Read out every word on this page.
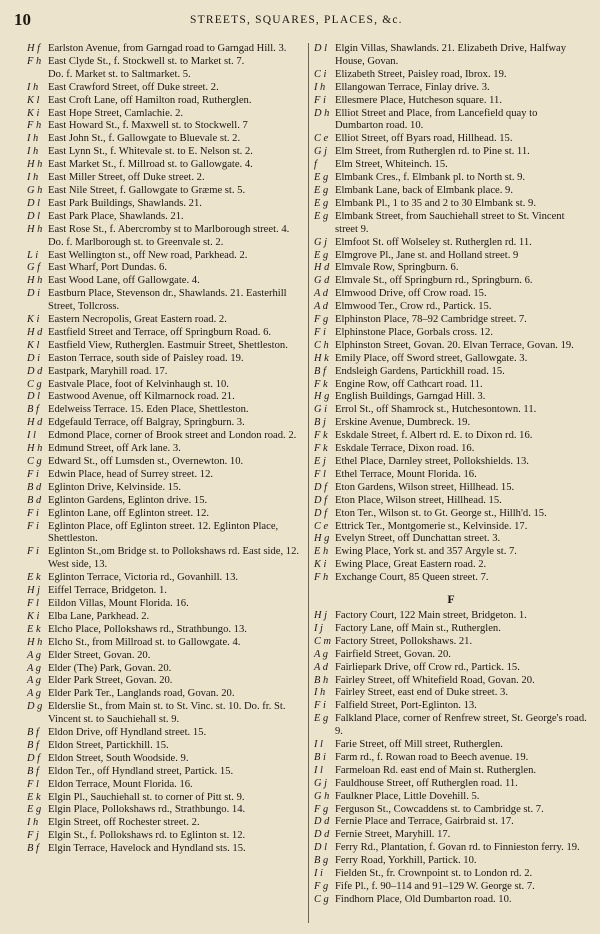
10	STREETS, SQUARES, PLACES, &c.
H f Earlston Avenue, from Garngad road to Garngad Hill. 3.
F h East Clyde St., f. Stockwell st. to Market st. 7.
Do. f. Market st. to Saltmarket. 5.
I h East Crawford Street, off Duke street. 2.
K l East Croft Lane, off Hamilton road, Rutherglen.
K i East Hope Street, Camlachie. 2.
F h East Howard St., f. Maxwell st. to Stockwell. 7
I h East John St., f. Gallowgate to Bluevale st. 2.
I h East Lynn St., f. Whitevale st. to E. Nelson st. 2.
H h East Market St., f. Millroad st. to Gallowgate. 4.
I h East Miller Street, off Duke street. 2.
G h East Nile Street, f. Gallowgate to Græme st. 5.
D l East Park Buildings, Shawlands. 21.
D l East Park Place, Shawlands. 21.
H h East Rose St., f. Abercromby st to Marlborough street. 4.
Do. f. Marlborough st. to Greenvale st. 2.
L i East Wellington st., off New road, Parkhead. 2.
G f East Wharf, Port Dundas. 6.
H h East Wood Lane, off Gallowgate. 4.
D i Eastburn Place, Stevenson dr., Shawlands. 21. Easterhill Street, Tollcross.
K i Eastern Necropolis, Great Eastern road. 2.
H d Eastfield Street and Terrace, off Springburn Road. 6.
K l Eastfield View, Rutherglen. Eastmuir Street, Shettleston.
D i Easton Terrace, south side of Paisley road. 19.
D d Eastpark, Maryhill road. 17.
C g Eastvale Place, foot of Kelvinhaugh st. 10.
D l Eastwood Avenue, off Kilmarnock road. 21.
B f Edelweiss Terrace. 15. Eden Place, Shettleston.
H d Edgefauld Terrace, off Balgray, Springburn. 3.
I l Edmond Place, corner of Brook street and London road. 2.
H h Edmund Street, off Ark lane. 3.
C g Edward St., off Lumsden st., Overnewton. 10.
F i Edwin Place, head of Surrey street. 12.
B d Eglinton Drive, Kelvinside. 15.
B d Eglinton Gardens, Eglinton drive. 15.
F i Eglinton Lane, off Eglinton street. 12.
F i Eglinton Place, off Eglinton street. 12. Eglinton Place, Shettleston.
F i Eglinton St.,om Bridge st. to Pollokshaws rd. East side, 12. West side, 13.
E k Eglinton Terrace, Victoria rd., Govanhill. 13.
H j Eiffel Terrace, Bridgeton. 1.
F l Eildon Villas, Mount Florida. 16.
K i Elba Lane, Parkhead. 2.
E k Elcho Place, Pollokshaws rd., Strathbungo. 13.
H h Elcho St., from Millroad st. to Gallowgate. 4.
A g Elder Street, Govan. 20.
A g Elder (The) Park, Govan. 20.
A g Elder Park Street, Govan. 20.
A g Elder Park Ter., Langlands road, Govan. 20.
D g Elderslie St., from Main st. to St. Vinc. st. 10. Do. fr. St. Vincent st. to Sauchiehall st. 9.
B f Eldon Drive, off Hyndland street. 15.
B f Eldon Street, Partickhill. 15.
D f Eldon Street, South Woodside. 9.
B f Eldon Ter., off Hyndland street, Partick. 15.
F l Eldon Terrace, Mount Florida. 16.
E k Elgin Pl., Sauchiehall st. to corner of Pitt st. 9.
E g Elgin Place, Pollokshaws rd., Strathbungo. 14.
I h Elgin Street, off Rochester street. 2.
F j Elgin St., f. Pollokshaws rd. to Eglinton st. 12.
B f Elgin Terrace, Havelock and Hyndland sts. 15.
D l Elgin Villas, Shawlands. 21. Elizabeth Drive, Halfway House, Govan.
C i Elizabeth Street, Paisley road, Ibrox. 19.
I h Ellangowan Terrace, Finlay drive. 3.
F i Ellesmere Place, Hutcheson square. 11.
D h Elliot Street and Place, from Lancefield quay to Dumbarton road. 10.
C e Elliot Street, off Byars road, Hillhead. 15.
G j Elm Street, from Rutherglen rd. to Pine st. 11.
f Elm Street, Whiteinch. 15.
E g Elmbank Cres., f. Elmbank pl. to North st. 9.
E g Elmbank Lane, back of Elmbank place. 9.
E g Elmbank Pl., 1 to 35 and 2 to 30 Elmbank st. 9.
E g Elmbank Street, from Sauchiehall street to St. Vincent street 9.
G j Elmfoot St. off Wolseley st. Rutherglen rd. 11.
E g Elmgrove Pl., Jane st. and Holland street. 9
H d Elmvale Row, Springburn. 6.
G d Elmvale St., off Springburn rd., Springburn. 6.
A d Elmwood Drive, off Crow road. 15.
A d Elmwood Ter., Crow rd., Partick. 15.
F g Elphinston Place, 78–92 Cambridge street. 7.
F i Elphinstone Place, Gorbals cross. 12.
C h Elphinston Street, Govan. 20. Elvan Terrace, Govan. 19.
H k Emily Place, off Sword street, Gallowgate. 3.
B f Endsleigh Gardens, Partickhill road. 15.
F k Engine Row, off Cathcart road. 11.
H g English Buildings, Garngad Hill. 3.
G i Errol St., off Shamrock st., Hutchesontown. 11.
B j Erskine Avenue, Dumbreck. 19.
F k Eskdale Street, f. Albert rd. E. to Dixon rd. 16.
F k Eskdale Terrace, Dixon road. 16.
E j Ethel Place, Darnley street, Pollokshields. 13.
F l Ethel Terrace, Mount Florida. 16.
D f Eton Gardens, Wilson street, Hillhead. 15.
D f Eton Place, Wilson street, Hillhead. 15.
D f Eton Ter., Wilson st. to Gt. George st., Hillh'd. 15.
C e Ettrick Ter., Montgomerie st., Kelvinside. 17.
H g Evelyn Street, off Dunchattan street. 3.
E h Ewing Place, York st. and 357 Argyle st. 7.
K i Ewing Place, Great Eastern road. 2.
F h Exchange Court, 85 Queen street. 7.
F
H j Factory Court, 122 Main street, Bridgeton. 1.
I j Factory Lane, off Main st., Rutherglen.
C m Factory Street, Pollokshaws. 21.
A g Fairfield Street, Govan. 20.
A d Fairliepark Drive, off Crow rd., Partick. 15.
B h Fairley Street, off Whitefield Road, Govan. 20.
I h Fairley Street, east end of Duke street. 3.
F i Falfield Street, Port-Eglinton. 13.
E g Falkland Place, corner of Renfrew street, St. George's road. 9.
I l Farie Street, off Mill street, Rutherglen.
B i Farm rd., f. Rowan road to Beech avenue. 19.
I l Farmeloan Rd. east end of Main st. Rutherglen.
G j Fauldhouse Street, off Rutherglen road. 11.
G h Faulkner Place, Little Dovehill. 5.
F g Ferguson St., Cowcaddens st. to Cambridge st. 7.
D d Fernie Place and Terrace, Gairbraid st. 17.
D d Fernie Street, Maryhill. 17.
D l Ferry Rd., Plantation, f. Govan rd. to Finnieston ferry. 19.
B g Ferry Road, Yorkhill, Partick. 10.
I i Fielden St., fr. Crownpoint st. to London rd. 2.
F g Fife Pl., f. 90–114 and 91–129 W. George st. 7.
C g Findhorn Place, Old Dumbarton road. 10.
